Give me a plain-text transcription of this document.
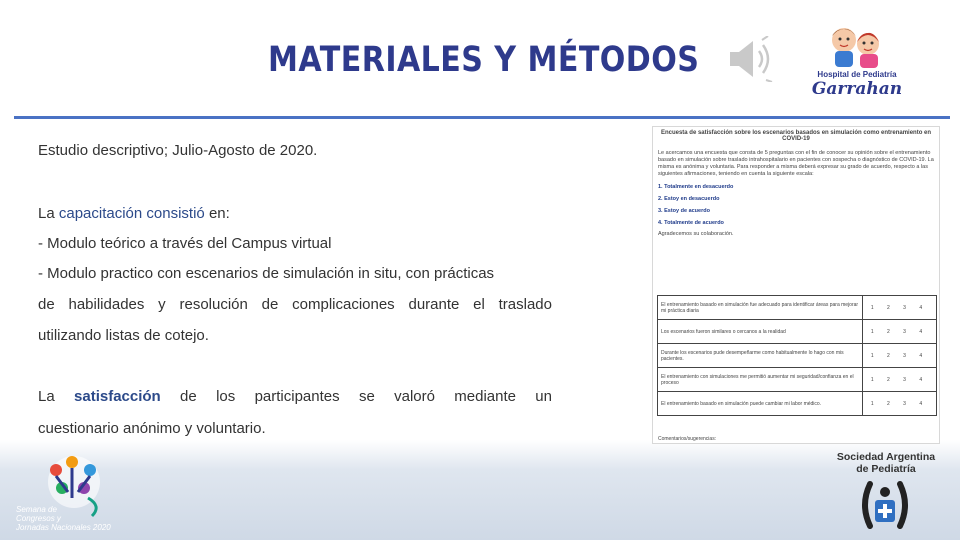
MATERIALES Y MÉTODOS	Hospital de Pediatría
Garrahan
Estudio descriptivo; Julio-Agosto de 2020.
La capacitación consistió en:
- Modulo teórico a través del Campus virtual
- Modulo practico con escenarios de simulación in situ, con prácticas
de habilidades y resolución de complicaciones durante el traslado
utilizando listas de cotejo.
La satisfacción de los participantes se valoró mediante un
cuestionario anónimo y voluntario.
Encuesta de satisfacción sobre los escenarios basados en simulación como entrenamiento en
COVID-19
Le acercamos una encuesta que consta de 5 preguntas con el fin de conocer su opinión sobre el entrenamiento basado en simulación sobre traslado intrahospitalario en pacientes con sospecha o diagnóstico de COVID-19. La misma es anónima y voluntaria. Para responder a misma deberá expresar su grado de acuerdo, respecto a las siguientes afirmaciones, teniendo en cuenta la siguiente escala:
1. Totalmente en desacuerdo
2. Estoy en desacuerdo
3. Estoy de acuerdo
4. Totalmente de acuerdo
Agradecemos su colaboración.
El entrenamiento basado en simulación fue adecuado para identificar áreas para mejorar mi práctica diaria	1 2 3 4
Los escenarios fueron similares o cercanos a la realidad	1 2 3 4
Durante los escenarios pude desempeñarme como habitualmente lo hago con mis pacientes.	1 2 3 4
El entrenamiento con simulaciones me permitió aumentar mi seguridad/confianza en el proceso	1 2 3 4
El entrenamiento basado en simulación puede cambiar mi labor médico.	1 2 3 4
Comentarios/sugerencias:
Semana de
Congresos y
Jornadas Nacionales 2020
Sociedad Argentina
de Pediatría
